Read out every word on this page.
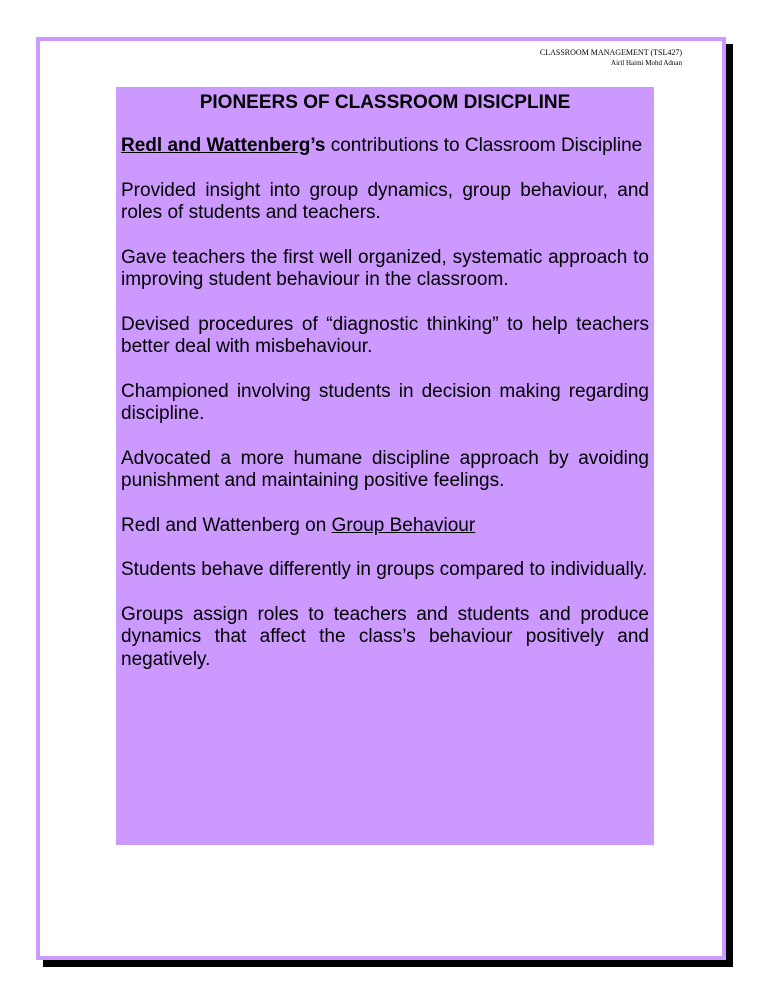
CLASSROOM MANAGEMENT (TSL427)
Airil Haimi Mohd Adnan

PIONEERS OF CLASSROOM DISICPLINE

Redl and Wattenberg’s contributions to Classroom Discipline

Provided insight into group dynamics, group behaviour, and roles of students and teachers.

Gave teachers the first well organized, systematic approach to improving student behaviour in the classroom.

Devised procedures of “diagnostic thinking” to help teachers better deal with misbehaviour.

Championed involving students in decision making regarding discipline.

Advocated a more humane discipline approach by avoiding punishment and maintaining positive feelings.

Redl and Wattenberg on Group Behaviour

Students behave differently in groups compared to individually.

Groups assign roles to teachers and students and produce dynamics that affect the class’s behaviour positively and negatively.
